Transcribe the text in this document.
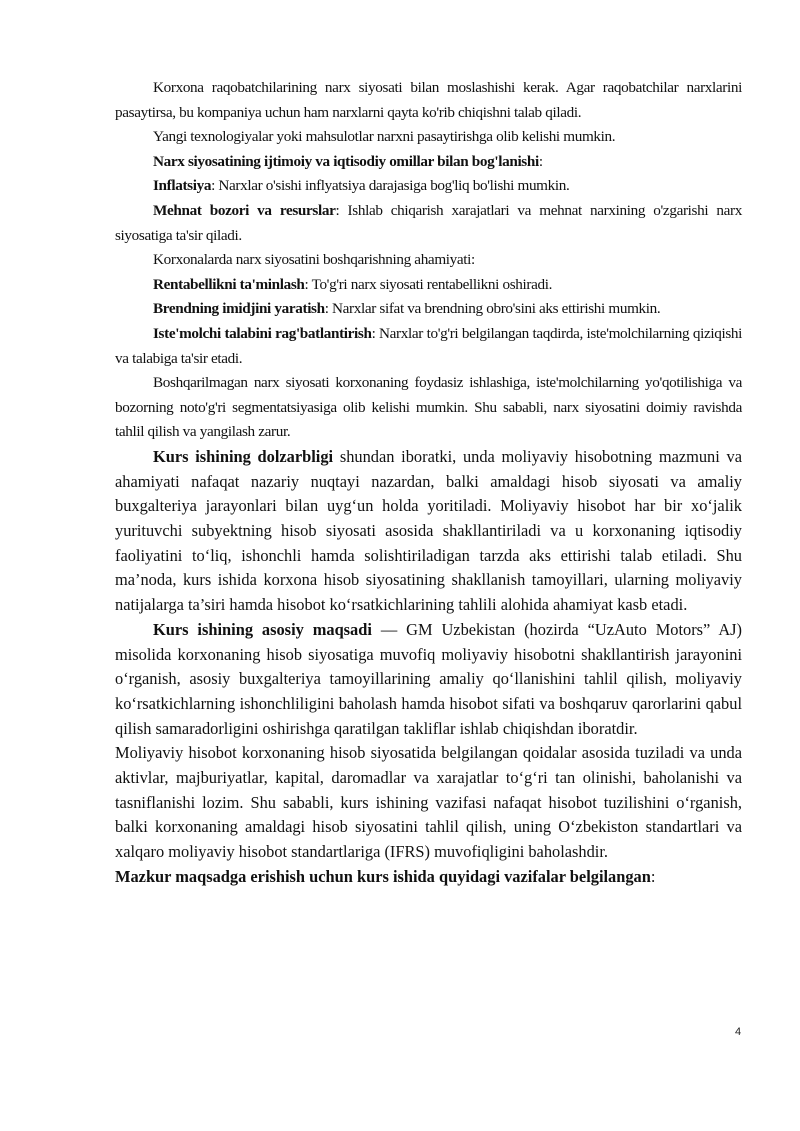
Korxona raqobatchilarining narx siyosati bilan moslashishi kerak. Agar raqobatchilar narxlarini pasaytirsa, bu kompaniya uchun ham narxlarni qayta ko'rib chiqishni talab qiladi.

Yangi texnologiyalar yoki mahsulotlar narxni pasaytirishga olib kelishi mumkin.

Narx siyosatining ijtimoiy va iqtisodiy omillar bilan bog'lanishi:

Inflatsiya: Narxlar o'sishi inflyatsiya darajasiga bog'liq bo'lishi mumkin.

Mehnat bozori va resurslar: Ishlab chiqarish xarajatlari va mehnat narxining o'zgarishi narx siyosatiga ta'sir qiladi.

Korxonalarda narx siyosatini boshqarishning ahamiyati:

Rentabellikni ta'minlash: To'g'ri narx siyosati rentabellikni oshiradi.

Brendning imidjini yaratish: Narxlar sifat va brendning obro'sini aks ettirishi mumkin.

Iste'molchi talabini rag'batlantirish: Narxlar to'g'ri belgilangan taqdirda, iste'molchilarning qiziqishi va talabiga ta'sir etadi.

Boshqarilmagan narx siyosati korxonaning foydasiz ishlashiga, iste'molchilarning yo'qotilishiga va bozorning noto'g'ri segmentatsiyasiga olib kelishi mumkin. Shu sababli, narx siyosatini doimiy ravishda tahlil qilish va yangilash zarur.

Kurs ishining dolzarbligi shundan iboratki, unda moliyaviy hisobotning mazmuni va ahamiyati nafaqat nazariy nuqtayi nazardan, balki amaldagi hisob siyosati va amaliy buxgalteriya jarayonlari bilan uyg‘un holda yoritiladi. Moliyaviy hisobot har bir xo‘jalik yurituvchi subyektning hisob siyosati asosida shakllantiriladi va u korxonaning iqtisodiy faoliyatini to‘liq, ishonchli hamda solishtiriladigan tarzda aks ettirishi talab etiladi. Shu ma’noda, kurs ishida korxona hisob siyosatining shakllanish tamoyillari, ularning moliyaviy natijalarga ta’siri hamda hisobot ko‘rsatkichlarining tahlili alohida ahamiyat kasb etadi.

Kurs ishining asosiy maqsadi — GM Uzbekistan (hozirda “UzAuto Motors” AJ) misolida korxonaning hisob siyosatiga muvofiq moliyaviy hisobotni shakllantirish jarayonini o‘rganish, asosiy buxgalteriya tamoyillarining amaliy qo‘llanishini tahlil qilish, moliyaviy ko‘rsatkichlarning ishonchliligini baholash hamda hisobot sifati va boshqaruv qarorlarini qabul qilish samaradorligini oshirishga qaratilgan takliflar ishlab chiqishdan iboratdir.

Moliyaviy hisobot korxonaning hisob siyosatida belgilangan qoidalar asosida tuziladi va unda aktivlar, majburiyatlar, kapital, daromadlar va xarajatlar to‘g‘ri tan olinishi, baholanishi va tasniflanishi lozim. Shu sababli, kurs ishining vazifasi nafaqat hisobot tuzilishini o‘rganish, balki korxonaning amaldagi hisob siyosatini tahlil qilish, uning O‘zbekiston standartlari va xalqaro moliyaviy hisobot standartlariga (IFRS) muvofiqligini baholashdir.

Mazkur maqsadga erishish uchun kurs ishida quyidagi vazifalar belgilangan:

4
